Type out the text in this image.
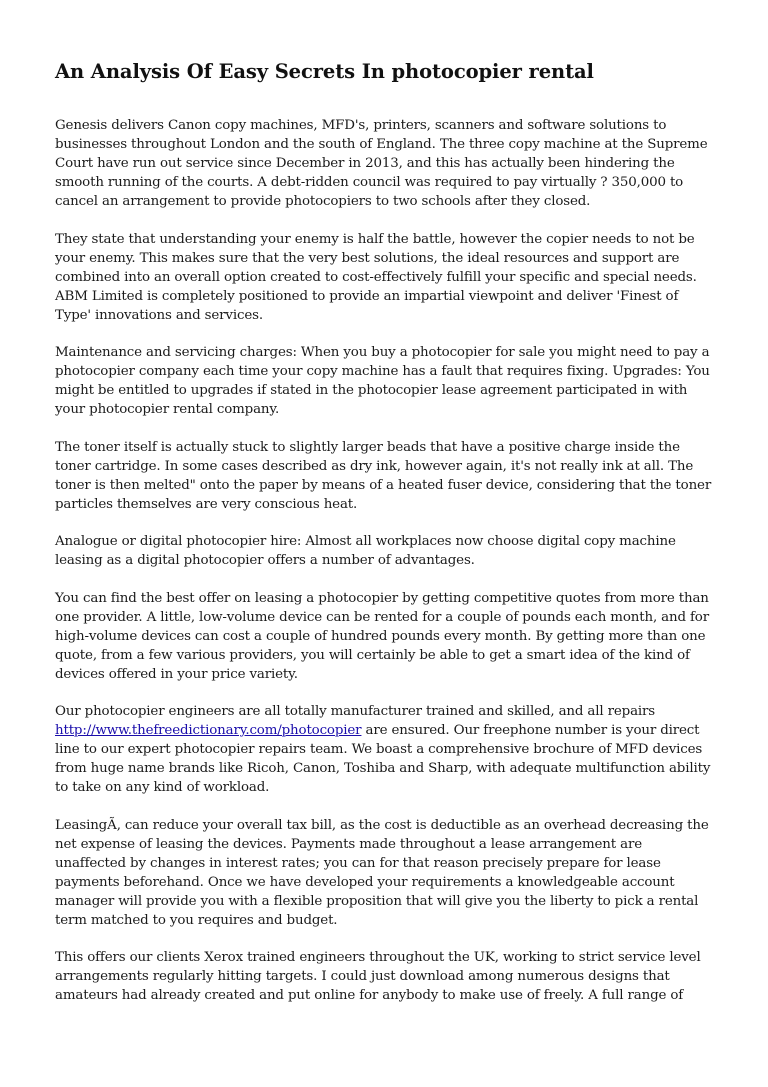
An Analysis Of Easy Secrets In photocopier rental

Genesis delivers Canon copy machines, MFD's, printers, scanners and software solutions to businesses throughout London and the south of England. The three copy machine at the Supreme Court have run out service since December in 2013, and this has actually been hindering the smooth running of the courts. A debt-ridden council was required to pay virtually ? 350,000 to cancel an arrangement to provide photocopiers to two schools after they closed.

They state that understanding your enemy is half the battle, however the copier needs to not be your enemy. This makes sure that the very best solutions, the ideal resources and support are combined into an overall option created to cost-effectively fulfill your specific and special needs. ABM Limited is completely positioned to provide an impartial viewpoint and deliver 'Finest of Type' innovations and services.

Maintenance and servicing charges: When you buy a photocopier for sale you might need to pay a photocopier company each time your copy machine has a fault that requires fixing. Upgrades: You might be entitled to upgrades if stated in the photocopier lease agreement participated in with your photocopier rental company.

The toner itself is actually stuck to slightly larger beads that have a positive charge inside the toner cartridge. In some cases described as dry ink, however again, it's not really ink at all. The toner is then melted" onto the paper by means of a heated fuser device, considering that the toner particles themselves are very conscious heat.

Analogue or digital photocopier hire: Almost all workplaces now choose digital copy machine leasing as a digital photocopier offers a number of advantages.

You can find the best offer on leasing a photocopier by getting competitive quotes from more than one provider. A little, low-volume device can be rented for a couple of pounds each month, and for high-volume devices can cost a couple of hundred pounds every month. By getting more than one quote, from a few various providers, you will certainly be able to get a smart idea of the kind of devices offered in your price variety.

Our photocopier engineers are all totally manufacturer trained and skilled, and all repairs http://www.thefreedictionary.com/photocopier are ensured. Our freephone number is your direct line to our expert photocopier repairs team. We boast a comprehensive brochure of MFD devices from huge name brands like Ricoh, Canon, Toshiba and Sharp, with adequate multifunction ability to take on any kind of workload.

LeasingÃ‚ can reduce your overall tax bill, as the cost is deductible as an overhead decreasing the net expense of leasing the devices. Payments made throughout a lease arrangement are unaffected by changes in interest rates; you can for that reason precisely prepare for lease payments beforehand. Once we have developed your requirements a knowledgeable account manager will provide you with a flexible proposition that will give you the liberty to pick a rental term matched to you requires and budget.

This offers our clients Xerox trained engineers throughout the UK, working to strict service level arrangements regularly hitting targets. I could just download among numerous designs that amateurs had already created and put online for anybody to make use of freely. A full range of
